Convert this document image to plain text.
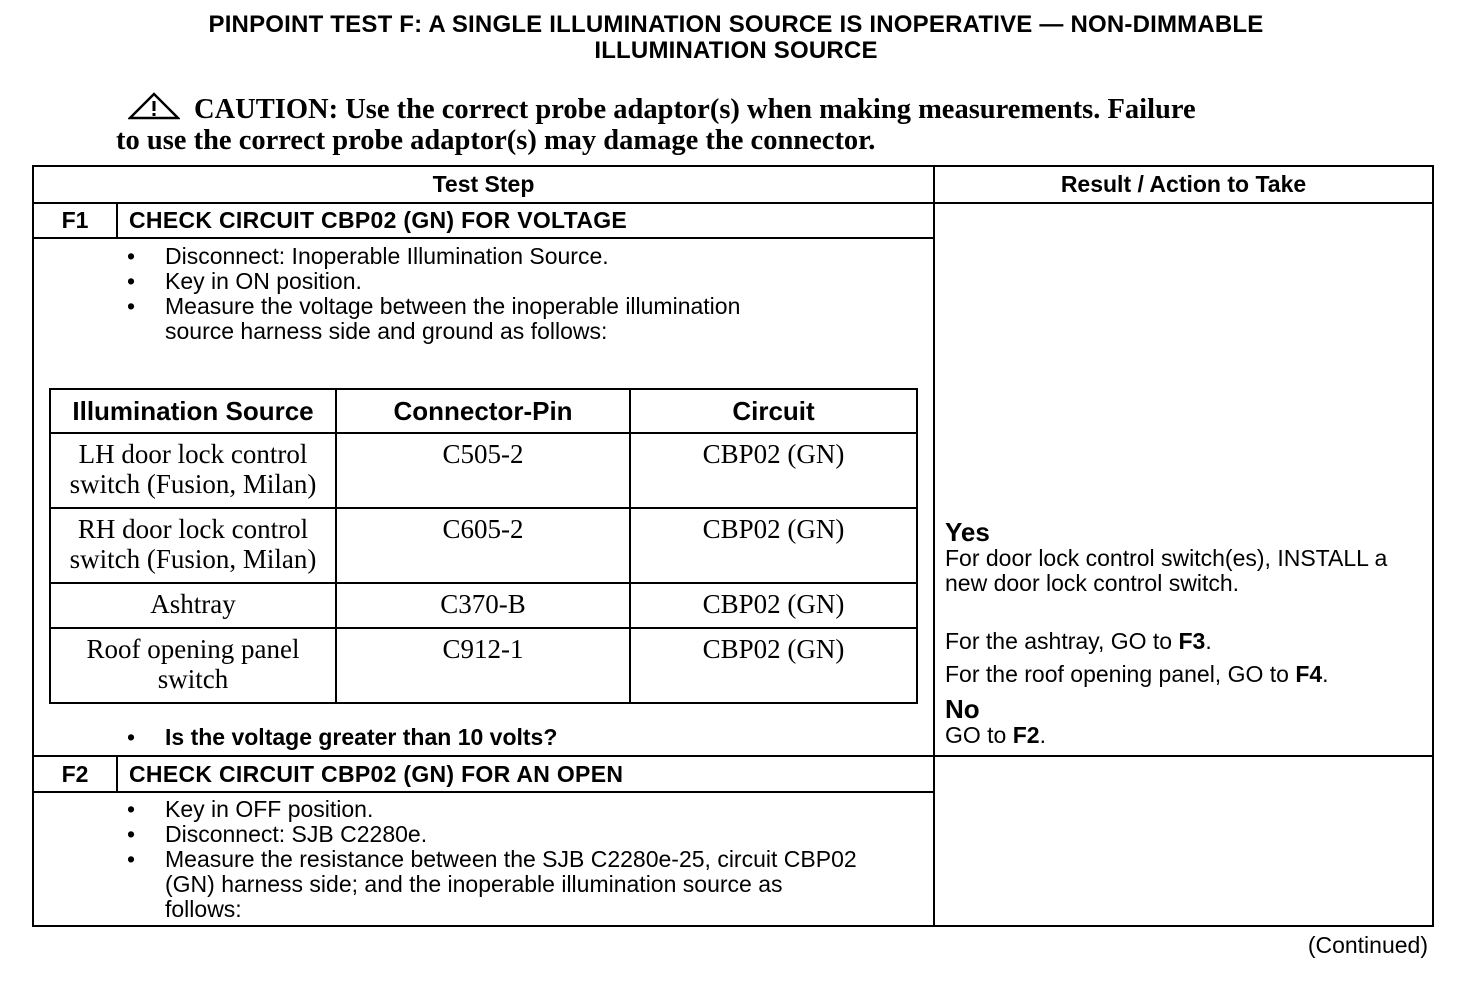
PINPOINT TEST F: A SINGLE ILLUMINATION SOURCE IS INOPERATIVE — NON-DIMMABLE
ILLUMINATION SOURCE
CAUTION: Use the correct probe adaptor(s) when making measurements. Failure
to use the correct probe adaptor(s) may damage the connector.
Test Step	Result / Action to Take
F1	CHECK CIRCUIT CBP02 (GN) FOR VOLTAGE
• Disconnect: Inoperable Illumination Source.
• Key in ON position.
• Measure the voltage between the inoperable illumination source harness side and ground as follows:
Illumination Source	Connector-Pin	Circuit
LH door lock control switch (Fusion, Milan)	C505-2	CBP02 (GN)
RH door lock control switch (Fusion, Milan)	C605-2	CBP02 (GN)
Ashtray	C370-B	CBP02 (GN)
Roof opening panel switch	C912-1	CBP02 (GN)
• Is the voltage greater than 10 volts?
Yes
For door lock control switch(es), INSTALL a new door lock control switch.
For the ashtray, GO to F3.
For the roof opening panel, GO to F4.
No
GO to F2.
F2	CHECK CIRCUIT CBP02 (GN) FOR AN OPEN
• Key in OFF position.
• Disconnect: SJB C2280e.
• Measure the resistance between the SJB C2280e-25, circuit CBP02 (GN) harness side; and the inoperable illumination source as follows:
(Continued)
